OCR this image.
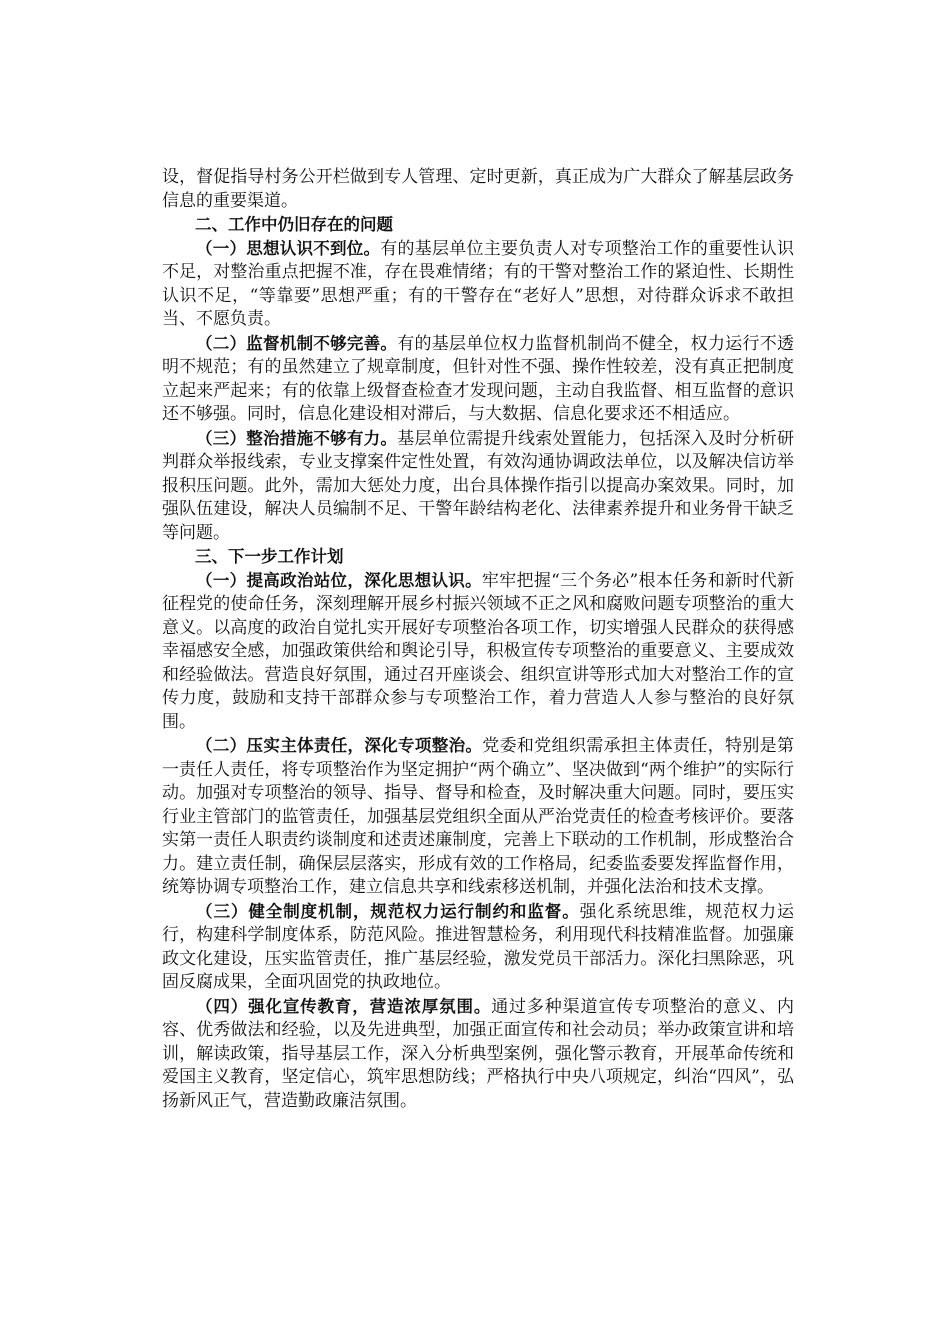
设，督促指导村务公开栏做到专人管理、定时更新，真正成为广大群众了解基层政务信息的重要渠道。

二、工作中仍旧存在的问题

（一）思想认识不到位。有的基层单位主要负责人对专项整治工作的重要性认识不足，对整治重点把握不准，存在畏难情绪；有的干警对整治工作的紧迫性、长期性认识不足，“等靠要”思想严重；有的干警存在“老好人”思想，对待群众诉求不敢担当、不愿负责。

（二）监督机制不够完善。有的基层单位权力监督机制尚不健全，权力运行不透明不规范；有的虽然建立了规章制度，但针对性不强、操作性较差，没有真正把制度立起来严起来；有的依靠上级督查检查才发现问题，主动自我监督、相互监督的意识还不够强。同时，信息化建设相对滞后，与大数据、信息化要求还不相适应。

（三）整治措施不够有力。基层单位需提升线索处置能力，包括深入及时分析研判群众举报线索，专业支撑案件定性处置，有效沟通协调政法单位，以及解决信访举报积压问题。此外，需加大惩处力度，出台具体操作指引以提高办案效果。同时，加强队伍建设，解决人员编制不足、干警年龄结构老化、法律素养提升和业务骨干缺乏等问题。

三、下一步工作计划

（一）提高政治站位，深化思想认识。牢牢把握“三个务必”根本任务和新时代新征程党的使命任务，深刻理解开展乡村振兴领域不正之风和腐败问题专项整治的重大意义。以高度的政治自觉扎实开展好专项整治各项工作，切实增强人民群众的获得感幸福感安全感，加强政策供给和舆论引导，积极宣传专项整治的重要意义、主要成效和经验做法。营造良好氛围，通过召开座谈会、组织宣讲等形式加大对整治工作的宣传力度，鼓励和支持干部群众参与专项整治工作，着力营造人人参与整治的良好氛围。

（二）压实主体责任，深化专项整治。党委和党组织需承担主体责任，特别是第一责任人责任，将专项整治作为坚定拥护“两个确立”、坚决做到“两个维护”的实际行动。加强对专项整治的领导、指导、督导和检查，及时解决重大问题。同时，要压实行业主管部门的监管责任，加强基层党组织全面从严治党责任的检查考核评价。要落实第一责任人职责约谈制度和述责述廉制度，完善上下联动的工作机制，形成整治合力。建立责任制，确保层层落实，形成有效的工作格局，纪委监委要发挥监督作用，统筹协调专项整治工作，建立信息共享和线索移送机制，并强化法治和技术支撑。

（三）健全制度机制，规范权力运行制约和监督。强化系统思维，规范权力运行，构建科学制度体系，防范风险。推进智慧检务，利用现代科技精准监督。加强廉政文化建设，压实监管责任，推广基层经验，激发党员干部活力。深化扫黑除恶，巩固反腐成果，全面巩固党的执政地位。

（四）强化宣传教育，营造浓厚氛围。通过多种渠道宣传专项整治的意义、内容、优秀做法和经验，以及先进典型，加强正面宣传和社会动员；举办政策宣讲和培训，解读政策，指导基层工作，深入分析典型案例，强化警示教育，开展革命传统和爱国主义教育，坚定信心，筑牢思想防线；严格执行中央八项规定，纠治“四风”，弘扬新风正气，营造勤政廉洁氛围。
